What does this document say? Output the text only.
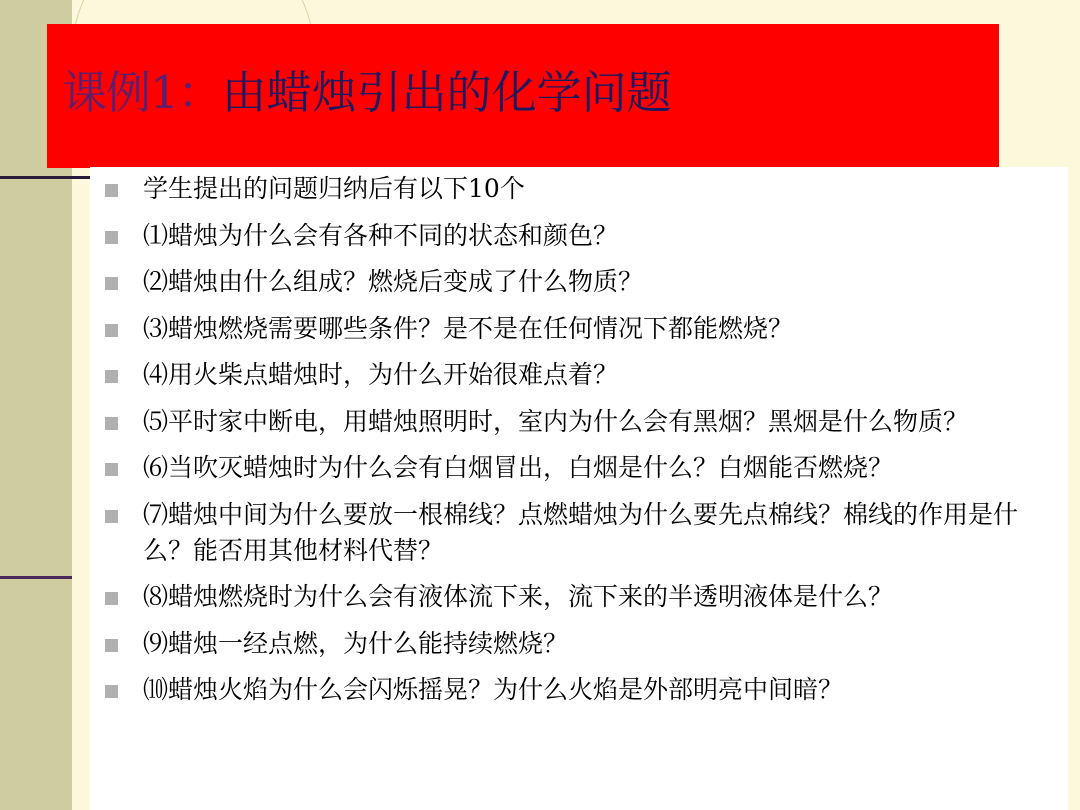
课例1：由蜡烛引出的化学问题
学生提出的问题归纳后有以下10个
⑴蜡烛为什么会有各种不同的状态和颜色？
⑵蜡烛由什么组成？燃烧后变成了什么物质？
⑶蜡烛燃烧需要哪些条件？是不是在任何情况下都能燃烧？
⑷用火柴点蜡烛时，为什么开始很难点着？
⑸平时家中断电，用蜡烛照明时，室内为什么会有黑烟？黑烟是什么物质？
⑹当吹灭蜡烛时为什么会有白烟冒出，白烟是什么？白烟能否燃烧？
⑺蜡烛中间为什么要放一根棉线？点燃蜡烛为什么要先点棉线？棉线的作用是什么？能否用其他材料代替？
⑻蜡烛燃烧时为什么会有液体流下来，流下来的半透明液体是什么？
⑼蜡烛一经点燃，为什么能持续燃烧？
⑽蜡烛火焰为什么会闪烁摇晃？为什么火焰是外部明亮中间暗？
